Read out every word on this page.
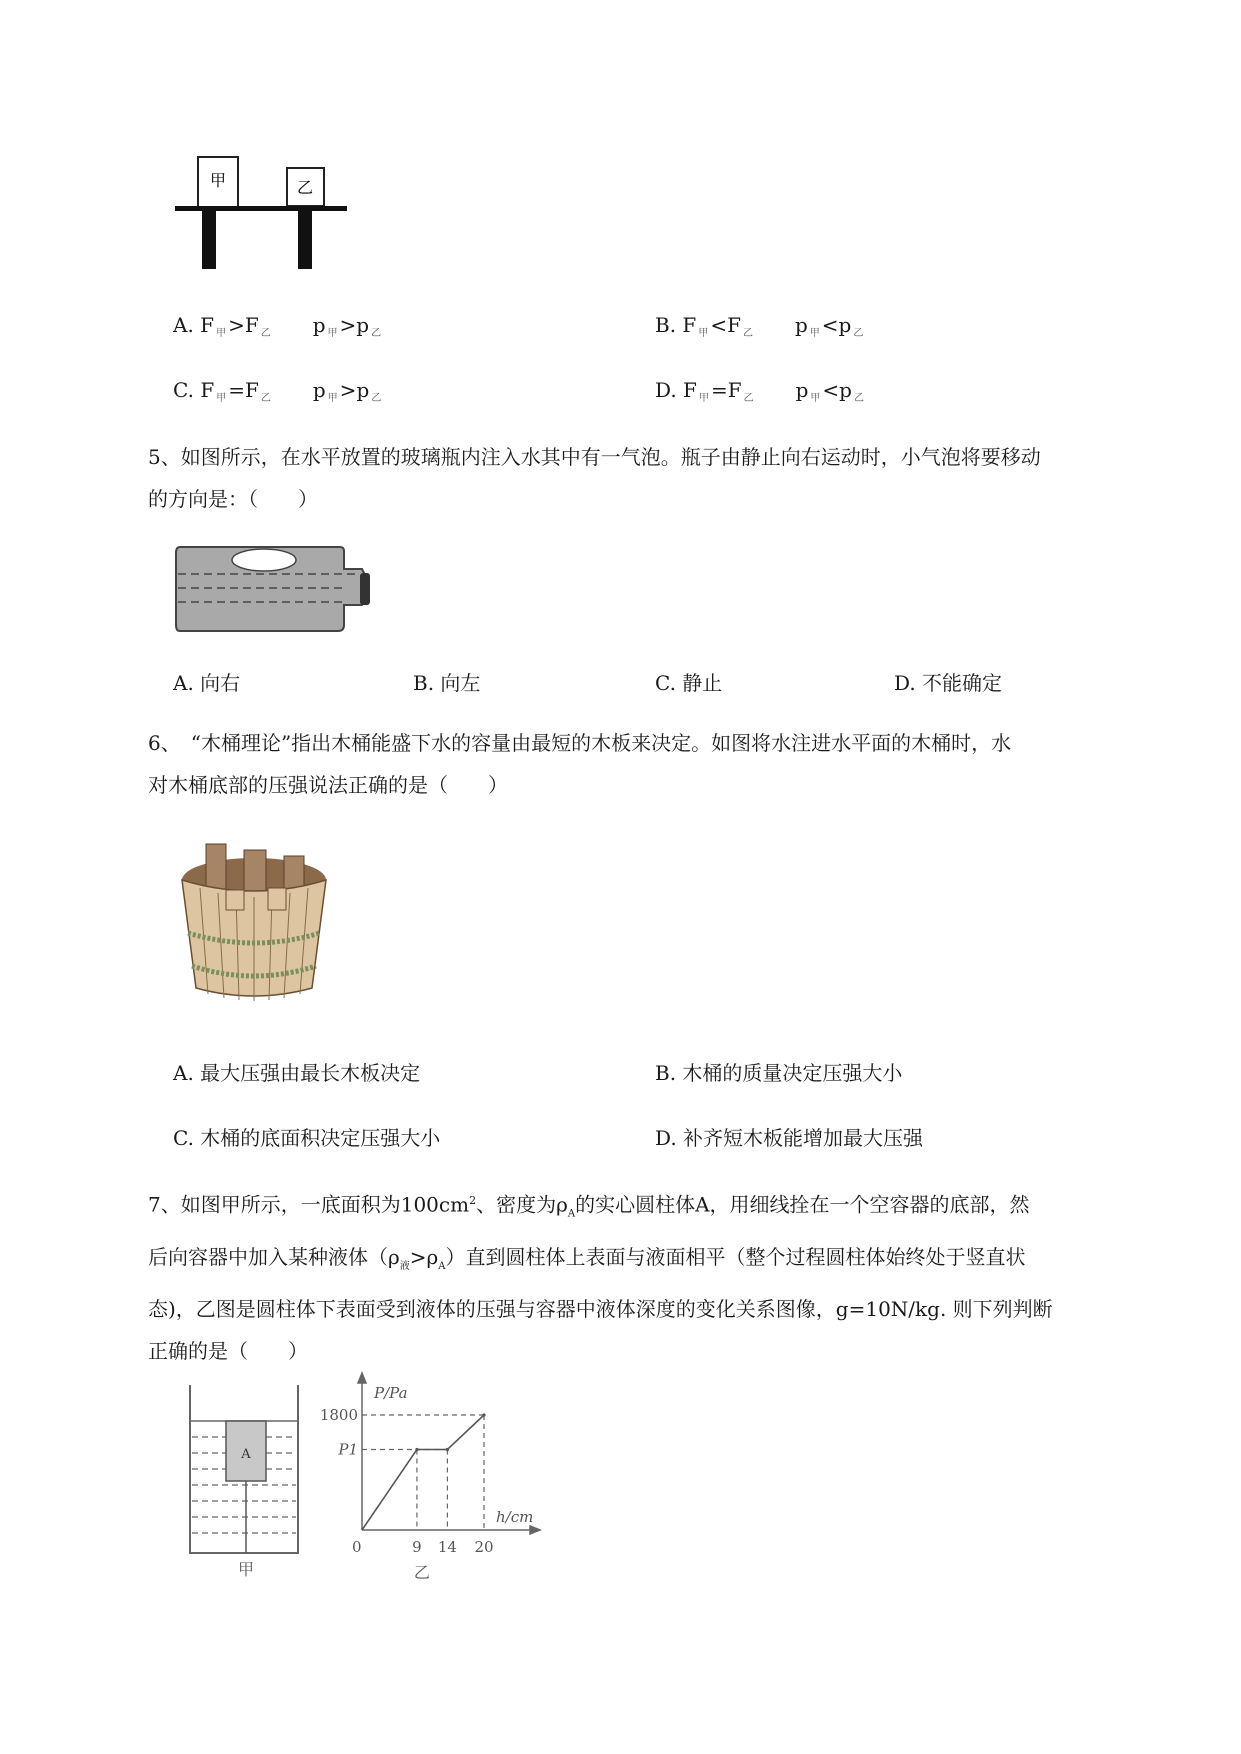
甲	乙
A. F $_甲$ >F $_乙$ p $_甲$ >p $_乙$	B. F $_甲$ <F $_乙$ p $_甲$ <p $_乙$
C. F $_甲$ =F $_乙$ p $_甲$ >p $_乙$	D. F $_甲$ =F $_乙$ p $_甲$ <p $_乙$
5、如图所示，在水平放置的玻璃瓶内注入水其中有一气泡。瓶子由静止向右运动时，小气泡将要移动
的方向是：（　　）
A. 向右	B. 向左	C. 静止	D. 不能确定
6、　“木桶理论”指出木桶能盛下水的容量由最短的木板来决定。如图将水注进水平面的木桶时，水
对木桶底部的压强说法正确的是（　　）
A. 最大压强由最长木板决定	B. 木桶的质量决定压强大小
C. 木桶的底面积决定压强大小	D. 补齐短木板能增加最大压强
7、如图甲所示，一底面积为$100cm^2$、密度为$\rho_A$的实心圆柱体A，用细线拴在一个空容器的底部，然
后向容器中加入某种液体$(\rho_液>\rho_A)$直到圆柱体上表面与液面相平（整个过程圆柱体始终处于竖直状
态)，乙图是圆柱体下表面受到液体的压强与容器中液体深度的变化关系图像，g=10N/kg. 则下列判断
正确的是（　　）
A
甲
P/Pa
h/cm
0	9 14 20
1800
P1
乙
